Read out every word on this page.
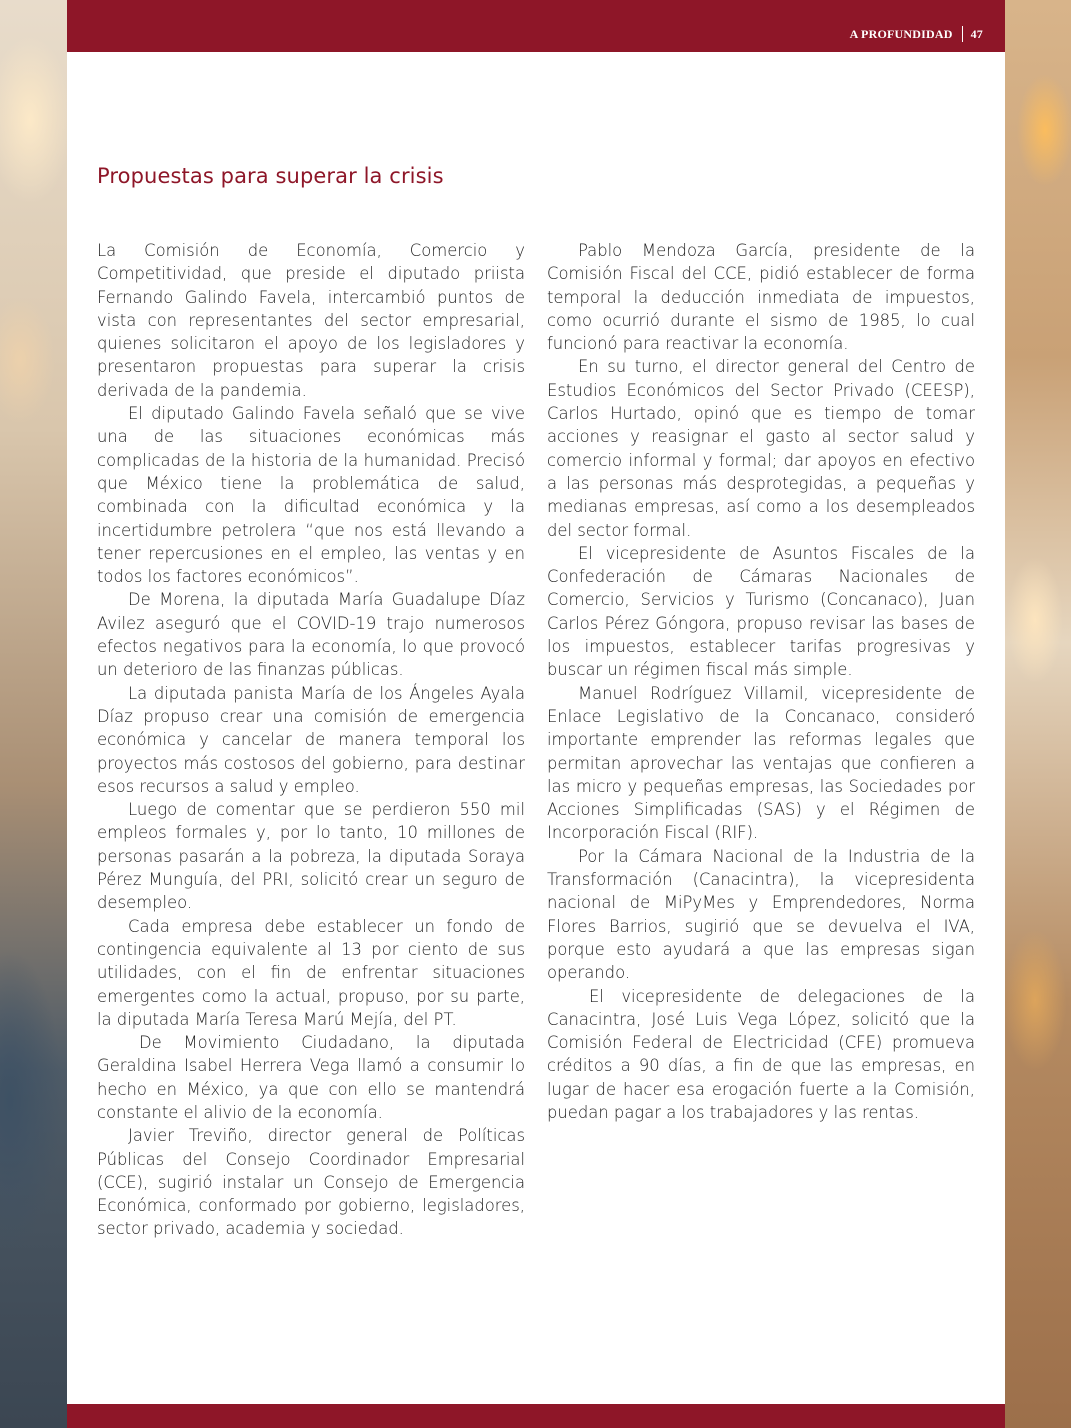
A PROFUNDIDAD 47
Propuestas para superar la crisis

La Comisión de Economía, Comercio y Competitividad, que preside el diputado priista Fernando Galindo Favela, intercambió puntos de vista con representantes del sector empresarial, quienes solicitaron el apoyo de los legisladores y presentaron propuestas para superar la crisis derivada de la pandemia.

El diputado Galindo Favela señaló que se vive una de las situaciones económicas más complicadas de la historia de la humanidad. Precisó que México tiene la problemática de salud, combinada con la dificultad económica y la incertidumbre petrolera “que nos está llevando a tener repercusiones en el empleo, las ventas y en todos los factores económicos”.

De Morena, la diputada María Guadalupe Díaz Avilez aseguró que el COVID-19 trajo numerosos efectos negativos para la economía, lo que provocó un deterioro de las finanzas públicas.

La diputada panista María de los Ángeles Ayala Díaz propuso crear una comisión de emergencia económica y cancelar de manera temporal los proyectos más costosos del gobierno, para destinar esos recursos a salud y empleo.

Luego de comentar que se perdieron 550 mil empleos formales y, por lo tanto, 10 millones de personas pasarán a la pobreza, la diputada Soraya Pérez Munguía, del PRI, solicitó crear un seguro de desempleo.

Cada empresa debe establecer un fondo de contingencia equivalente al 13 por ciento de sus utilidades, con el fin de enfrentar situaciones emergentes como la actual, propuso, por su parte, la diputada María Teresa Marú Mejía, del PT.

De Movimiento Ciudadano, la diputada Geraldina Isabel Herrera Vega llamó a consumir lo hecho en México, ya que con ello se mantendrá constante el alivio de la economía.

Javier Treviño, director general de Políticas Públicas del Consejo Coordinador Empresarial (CCE), sugirió instalar un Consejo de Emergencia Económica, conformado por gobierno, legisladores, sector privado, academia y sociedad.

Pablo Mendoza García, presidente de la Comisión Fiscal del CCE, pidió establecer de forma temporal la deducción inmediata de impuestos, como ocurrió durante el sismo de 1985, lo cual funcionó para reactivar la economía.

En su turno, el director general del Centro de Estudios Económicos del Sector Privado (CEESP), Carlos Hurtado, opinó que es tiempo de tomar acciones y reasignar el gasto al sector salud y comercio informal y formal; dar apoyos en efectivo a las personas más desprotegidas, a pequeñas y medianas empresas, así como a los desempleados del sector formal.

El vicepresidente de Asuntos Fiscales de la Confederación de Cámaras Nacionales de Comercio, Servicios y Turismo (Concanaco), Juan Carlos Pérez Góngora, propuso revisar las bases de los impuestos, establecer tarifas progresivas y buscar un régimen fiscal más simple.

Manuel Rodríguez Villamil, vicepresidente de Enlace Legislativo de la Concanaco, consideró importante emprender las reformas legales que permitan aprovechar las ventajas que confieren a las micro y pequeñas empresas, las Sociedades por Acciones Simplificadas (SAS) y el Régimen de Incorporación Fiscal (RIF).

Por la Cámara Nacional de la Industria de la Transformación (Canacintra), la vicepresidenta nacional de MiPyMes y Emprendedores, Norma Flores Barrios, sugirió que se devuelva el IVA, porque esto ayudará a que las empresas sigan operando.

El vicepresidente de delegaciones de la Canacintra, José Luis Vega López, solicitó que la Comisión Federal de Electricidad (CFE) promueva créditos a 90 días, a fin de que las empresas, en lugar de hacer esa erogación fuerte a la Comisión, puedan pagar a los trabajadores y las rentas.
